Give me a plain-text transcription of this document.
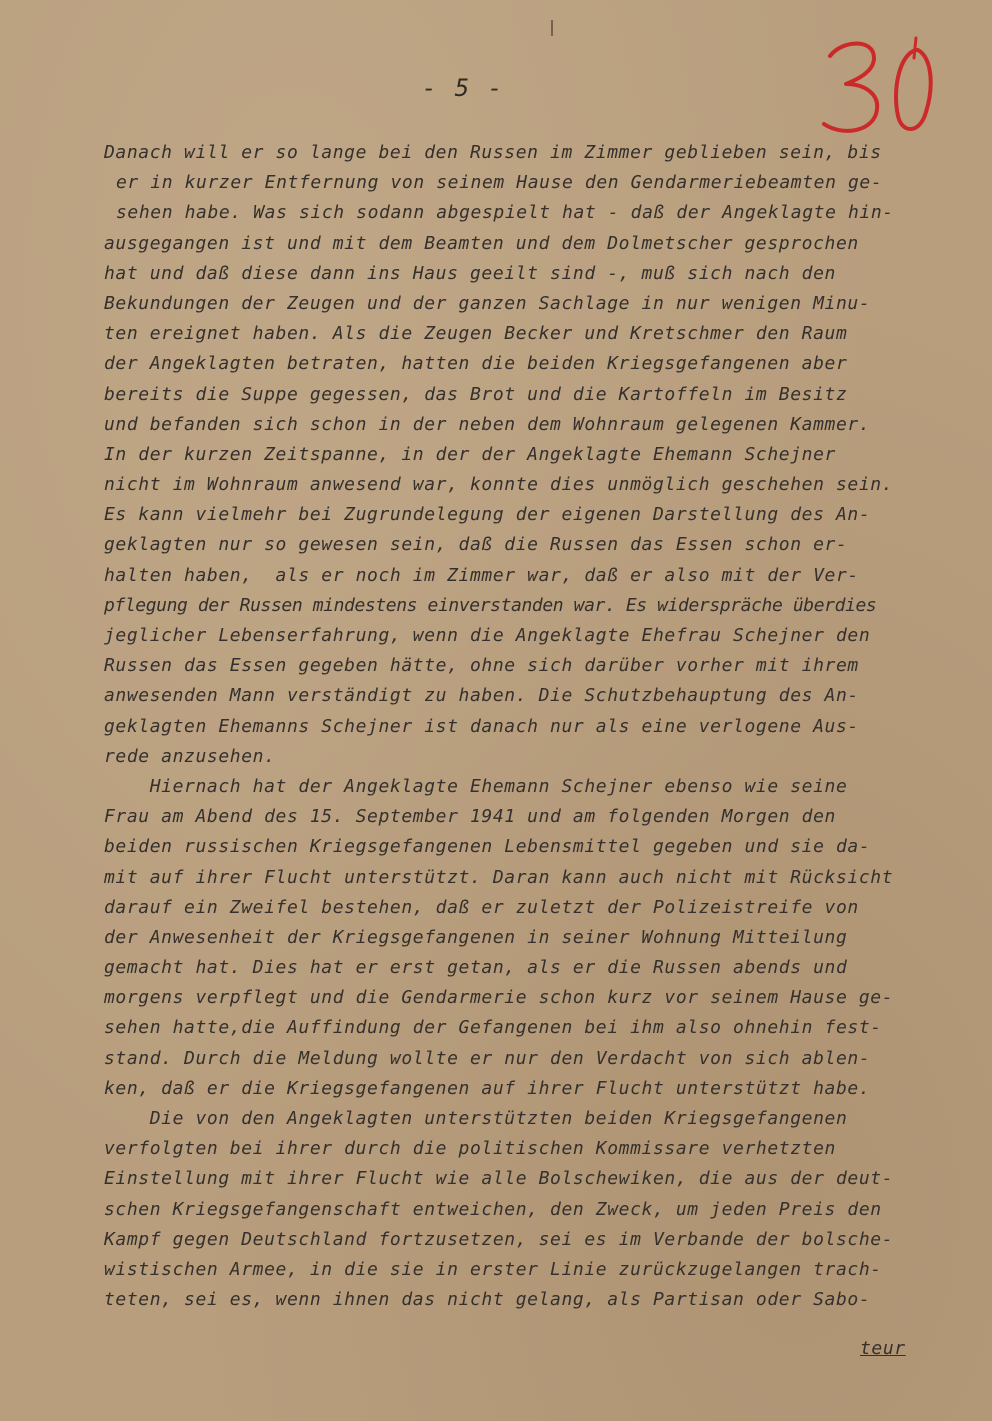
- 5 -
Danach will er so lange bei den Russen im Zimmer geblieben sein, bis
er in kurzer Entfernung von seinem Hause den Gendarmeriebeamten ge-
sehen habe. Was sich sodann abgespielt hat - daß der Angeklagte hin-
ausgegangen ist und mit dem Beamten und dem Dolmetscher gesprochen
hat und daß diese dann ins Haus geeilt sind -, muß sich nach den
Bekundungen der Zeugen und der ganzen Sachlage in nur wenigen Minu-
ten ereignet haben. Als die Zeugen Becker und Kretschmer den Raum
der Angeklagten betraten, hatten die beiden Kriegsgefangenen aber
bereits die Suppe gegessen, das Brot und die Kartoffeln im Besitz
und befanden sich schon in der neben dem Wohnraum gelegenen Kammer.
In der kurzen Zeitspanne, in der der Angeklagte Ehemann Schejner
nicht im Wohnraum anwesend war, konnte dies unmöglich geschehen sein.
Es kann vielmehr bei Zugrundelegung der eigenen Darstellung des An-
geklagten nur so gewesen sein, daß die Russen das Essen schon er-
halten haben,  als er noch im Zimmer war, daß er also mit der Ver-
pflegung der Russen mindestens einverstanden war. Es widerspräche überdies
jeglicher Lebenserfahrung, wenn die Angeklagte Ehefrau Schejner den
Russen das Essen gegeben hätte, ohne sich darüber vorher mit ihrem
anwesenden Mann verständigt zu haben. Die Schutzbehauptung des An-
geklagten Ehemanns Schejner ist danach nur als eine verlogene Aus-
rede anzusehen.
Hiernach hat der Angeklagte Ehemann Schejner ebenso wie seine
Frau am Abend des 15. September 1941 und am folgenden Morgen den
beiden russischen Kriegsgefangenen Lebensmittel gegeben und sie da-
mit auf ihrer Flucht unterstützt. Daran kann auch nicht mit Rücksicht
darauf ein Zweifel bestehen, daß er zuletzt der Polizeistreife von
der Anwesenheit der Kriegsgefangenen in seiner Wohnung Mitteilung
gemacht hat. Dies hat er erst getan, als er die Russen abends und
morgens verpflegt und die Gendarmerie schon kurz vor seinem Hause ge-
sehen hatte,die Auffindung der Gefangenen bei ihm also ohnehin fest-
stand. Durch die Meldung wollte er nur den Verdacht von sich ablen-
ken, daß er die Kriegsgefangenen auf ihrer Flucht unterstützt habe.
Die von den Angeklagten unterstützten beiden Kriegsgefangenen
verfolgten bei ihrer durch die politischen Kommissare verhetzten
Einstellung mit ihrer Flucht wie alle Bolschewiken, die aus der deut-
schen Kriegsgefangenschaft entweichen, den Zweck, um jeden Preis den
Kampf gegen Deutschland fortzusetzen, sei es im Verbande der bolsche-
wistischen Armee, in die sie in erster Linie zurückzugelangen trach-
teten, sei es, wenn ihnen das nicht gelang, als Partisan oder Sabo-
teur
